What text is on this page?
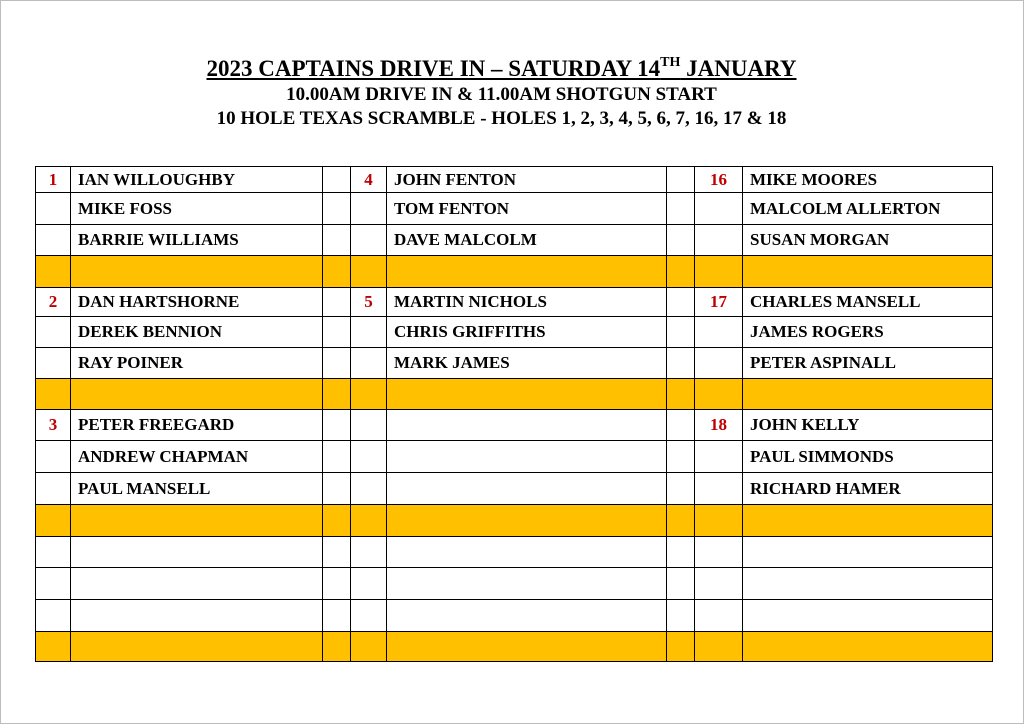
2023 CAPTAINS DRIVE IN – SATURDAY 14TH JANUARY
10.00AM DRIVE IN & 11.00AM SHOTGUN START
10 HOLE TEXAS SCRAMBLE - HOLES 1, 2, 3, 4, 5, 6, 7, 16, 17 & 18
1	IAN WILLOUGHBY		4	JOHN FENTON		16	MIKE MOORES
	MIKE FOSS			TOM FENTON			MALCOLM ALLERTON
	BARRIE WILLIAMS			DAVE MALCOLM			SUSAN MORGAN

2	DAN HARTSHORNE		5	MARTIN NICHOLS		17	CHARLES MANSELL
	DEREK BENNION			CHRIS GRIFFITHS			JAMES ROGERS
	RAY POINER			MARK JAMES			PETER ASPINALL

3	PETER FREEGARD					18	JOHN KELLY
	ANDREW CHAPMAN						PAUL SIMMONDS
	PAUL MANSELL						RICHARD HAMER
